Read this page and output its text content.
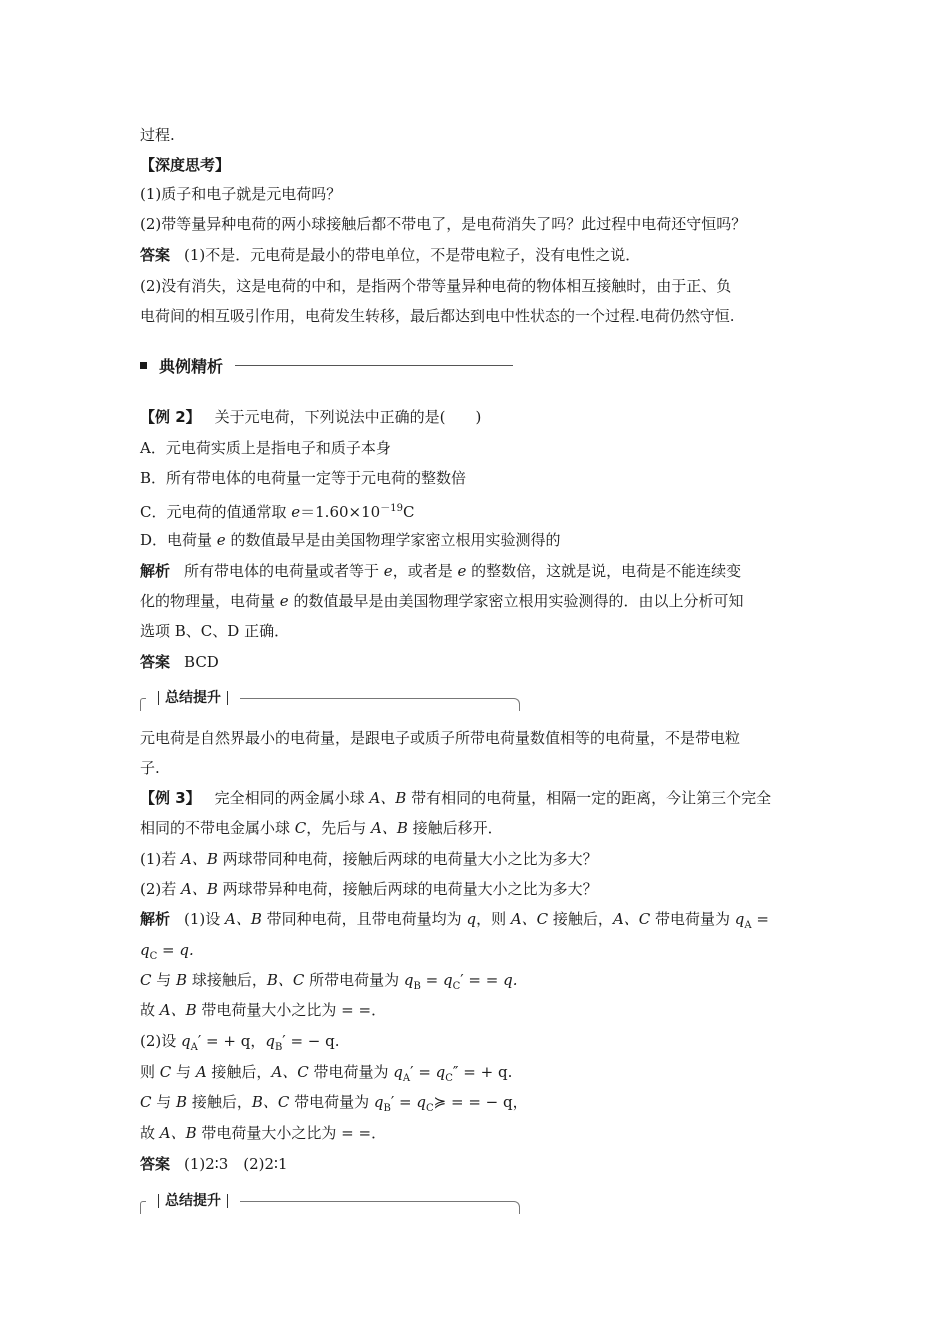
过程.
【深度思考】
(1)质子和电子就是元电荷吗？
(2)带等量异种电荷的两小球接触后都不带电了，是电荷消失了吗？此过程中电荷还守恒吗？
答案 (1)不是．元电荷是最小的带电单位，不是带电粒子，没有电性之说．
(2)没有消失，这是电荷的中和，是指两个带等量异种电荷的物体相互接触时，由于正、负
电荷间的相互吸引作用，电荷发生转移，最后都达到电中性状态的一个过程.电荷仍然守恒.
典例精析
【例 2】 关于元电荷，下列说法中正确的是(　　)
A．元电荷实质上是指电子和质子本身
B．所有带电体的电荷量一定等于元电荷的整数倍
C．元电荷的值通常取 $e=1.60\times 10^{-19}C$
D．电荷量 e 的数值最早是由美国物理学家密立根用实验测得的
解析 所有带电体的电荷量或者等于 e，或者是 e 的整数倍，这就是说，电荷是不能连续变
化的物理量，电荷量 e 的数值最早是由美国物理学家密立根用实验测得的．由以上分析可知
选项 B、C、D 正确．
答案 BCD
总结提升
元电荷是自然界最小的电荷量，是跟电子或质子所带电荷量数值相等的电荷量，不是带电粒
子.
【例 3】 完全相同的两金属小球 A、B 带有相同的电荷量，相隔一定的距离，今让第三个完全
相同的不带电金属小球 C，先后与 A、B 接触后移开．
(1)若 A、B 两球带同种电荷，接触后两球的电荷量大小之比为多大？
(2)若 A、B 两球带异种电荷，接触后两球的电荷量大小之比为多大？
解析 (1)设 A、B 带同种电荷，且带电荷量均为 q，则 A、C 接触后，A、C 带电荷量为 $q_A$ =
$q_C = q$.
C 与 B 球接触后，B、C 所带电荷量为 $q_B = q_C'$ = = q.
故 A、B 带电荷量大小之比为 = =．
(2)设 $q_A'$ = + q，$q_B'$ = − q.
则 C 与 A 接触后，A、C 带电荷量为 $q_A' = q_C''$ = + q.
C 与 B 接触后，B、C 带电荷量为 $q_B'$ = $q_C≽$ = = − q，
故 A、B 带电荷量大小之比为 = =．
答案 (1)2∶3　(2)2∶1
总结提升
